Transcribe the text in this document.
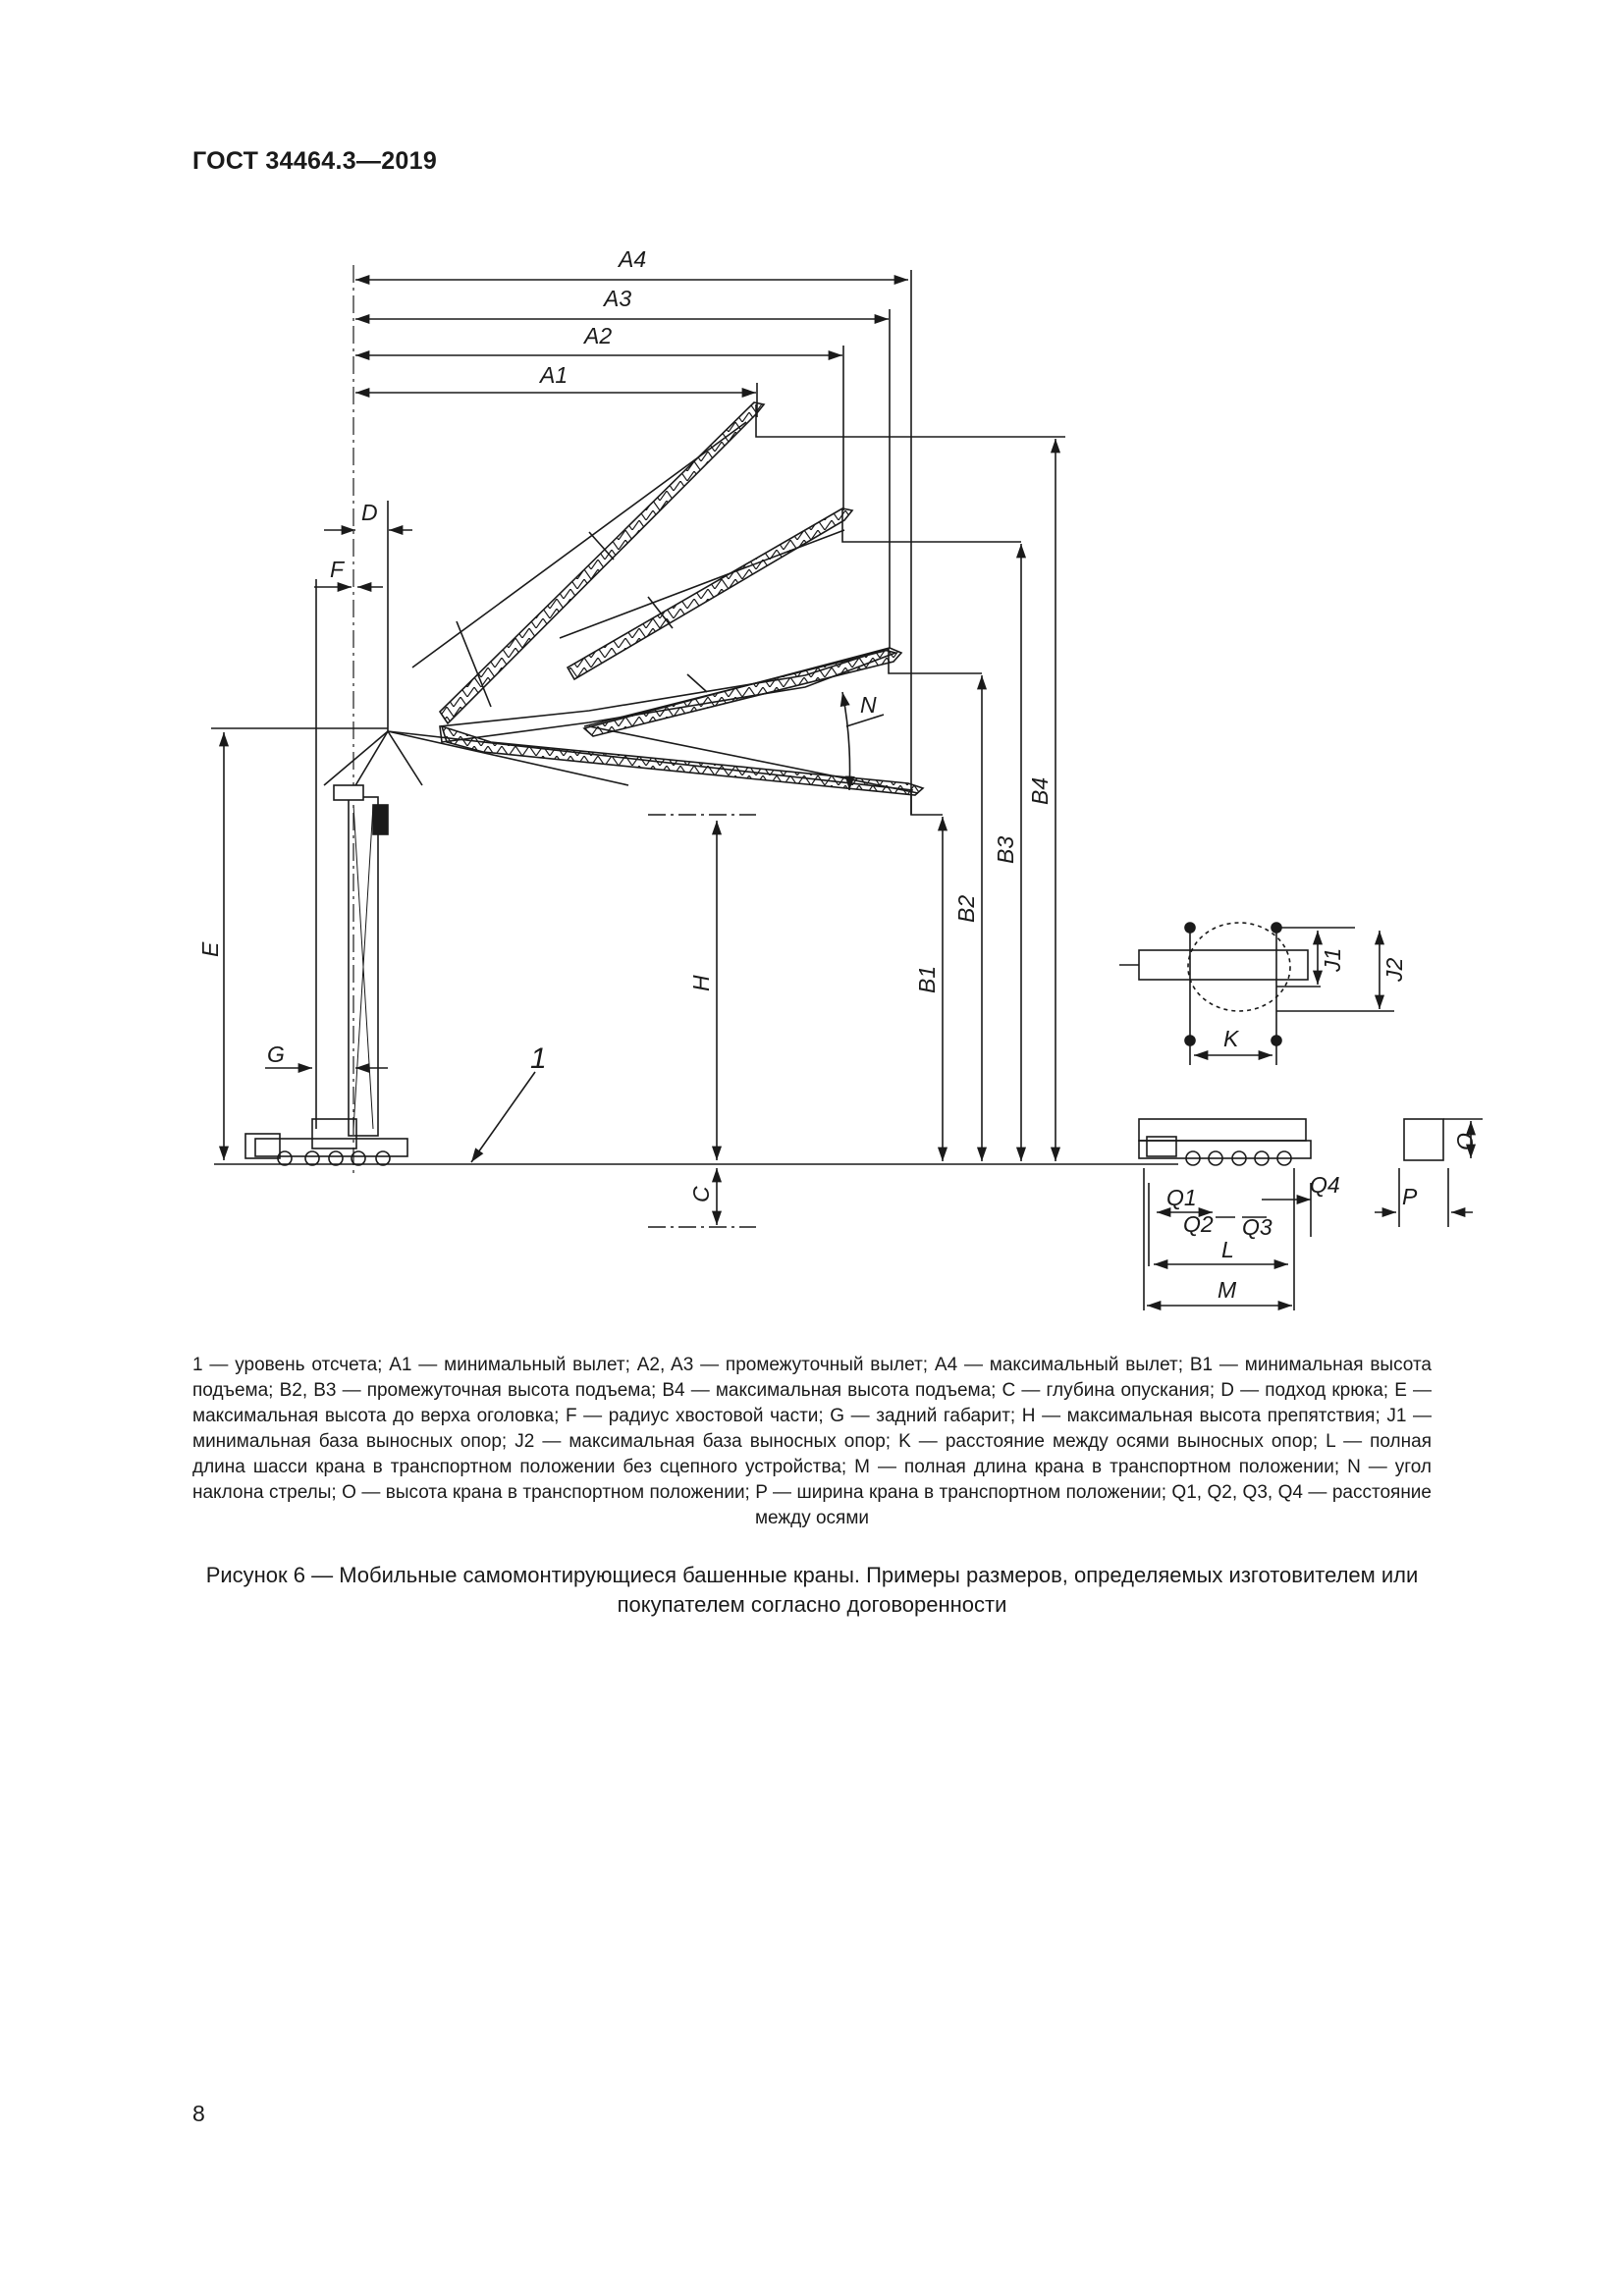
ГОСТ 34464.3—2019
A4
A3
A2
A1
D
F
N
E
H
C
G	1
B1
B2
B3
B4
J1 J2
K
O
Q1	Q4	P
Q2 Q3
L
M
1 — уровень отсчета; A1 — минимальный вылет; A2, A3 — промежуточный вылет; A4 — максимальный вылет; B1 — минимальная высота подъема; B2, B3 — промежуточная высота подъема; B4 — максимальная высота подъема; C — глубина опускания; D — подход крюка; E — максимальная высота до верха оголовка; F — радиус хвостовой части; G — задний габарит; H — максимальная высота препятствия; J1 — минимальная база выносных опор; J2 — максимальная база выносных опор; K — расстояние между осями выносных опор; L — полная длина шасси крана в транспортном положении без сцепного устройства; M — полная длина крана в транспортном положении; N — угол наклона стрелы; O — высота крана в транспортном положении; P — ширина крана в транспортном положении; Q1, Q2, Q3, Q4 — расстояние между осями
Рисунок 6 — Мобильные самомонтирующиеся башенные краны. Примеры размеров, определяемых изготовителем или покупателем согласно договоренности
8
